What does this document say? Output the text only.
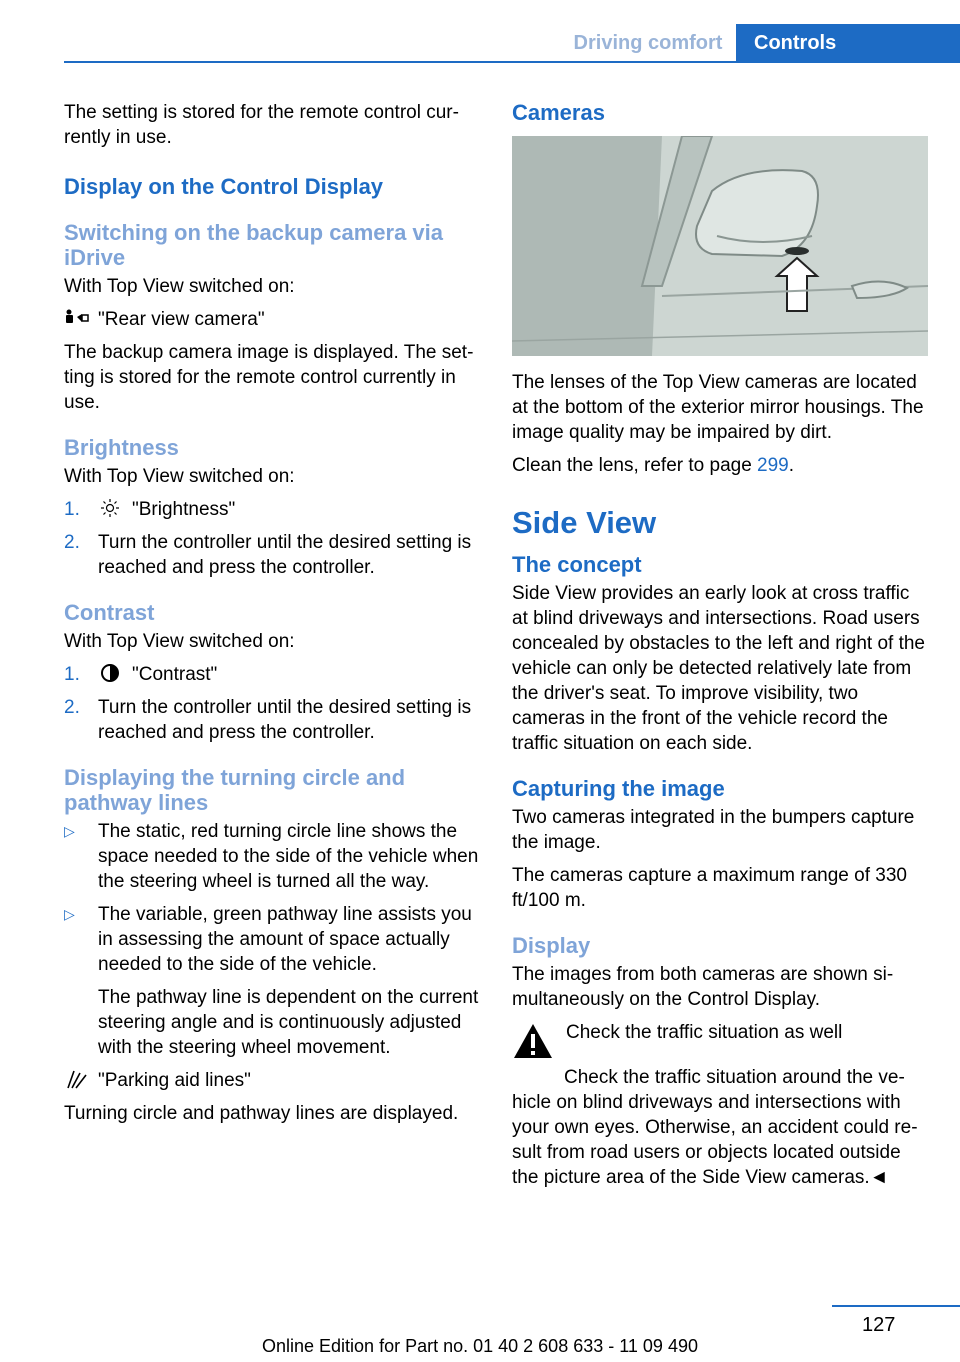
Driving comfort	Controls

The setting is stored for the remote control currently in use.

Display on the Control Display
Switching on the backup camera via iDrive

With Top View switched on:

"Rear view camera"

The backup camera image is displayed. The setting is stored for the remote control currently in use.

Brightness

With Top View switched on:

1.	"Brightness"
2. Turn the controller until the desired setting is reached and press the controller.
Contrast

With Top View switched on:

1.	"Contrast"
2. Turn the controller until the desired setting is reached and press the controller.
Displaying the turning circle and pathway lines
▷	The static, red turning circle line shows the space needed to the side of the vehicle when the steering wheel is turned all the way.
▷	The variable, green pathway line assists you in assessing the amount of space actually needed to the side of the vehicle.
The pathway line is dependent on the current steering angle and is continuously adjusted with the steering wheel movement.

"Parking aid lines"

Turning circle and pathway lines are displayed.

Cameras

The lenses of the Top View cameras are located at the bottom of the exterior mirror housings. The image quality may be impaired by dirt.

Clean the lens, refer to page 299.

Side View
The concept

Side View provides an early look at cross traffic at blind driveways and intersections. Road users concealed by obstacles to the left and right of the vehicle can only be detected relatively late from the driver's seat. To improve visibility, two cameras in the front of the vehicle record the traffic situation on each side.

Capturing the image

Two cameras integrated in the bumpers capture the image.

The cameras capture a maximum range of 330 ft/100 m.

Display

The images from both cameras are shown simultaneously on the Control Display.

Check the traffic situation as well

Check the traffic situation around the vehicle on blind driveways and intersections with your own eyes. Otherwise, an accident could result from road users or objects located outside the picture area of the Side View cameras.◄

127
Online Edition for Part no. 01 40 2 608 633 - 11 09 490
